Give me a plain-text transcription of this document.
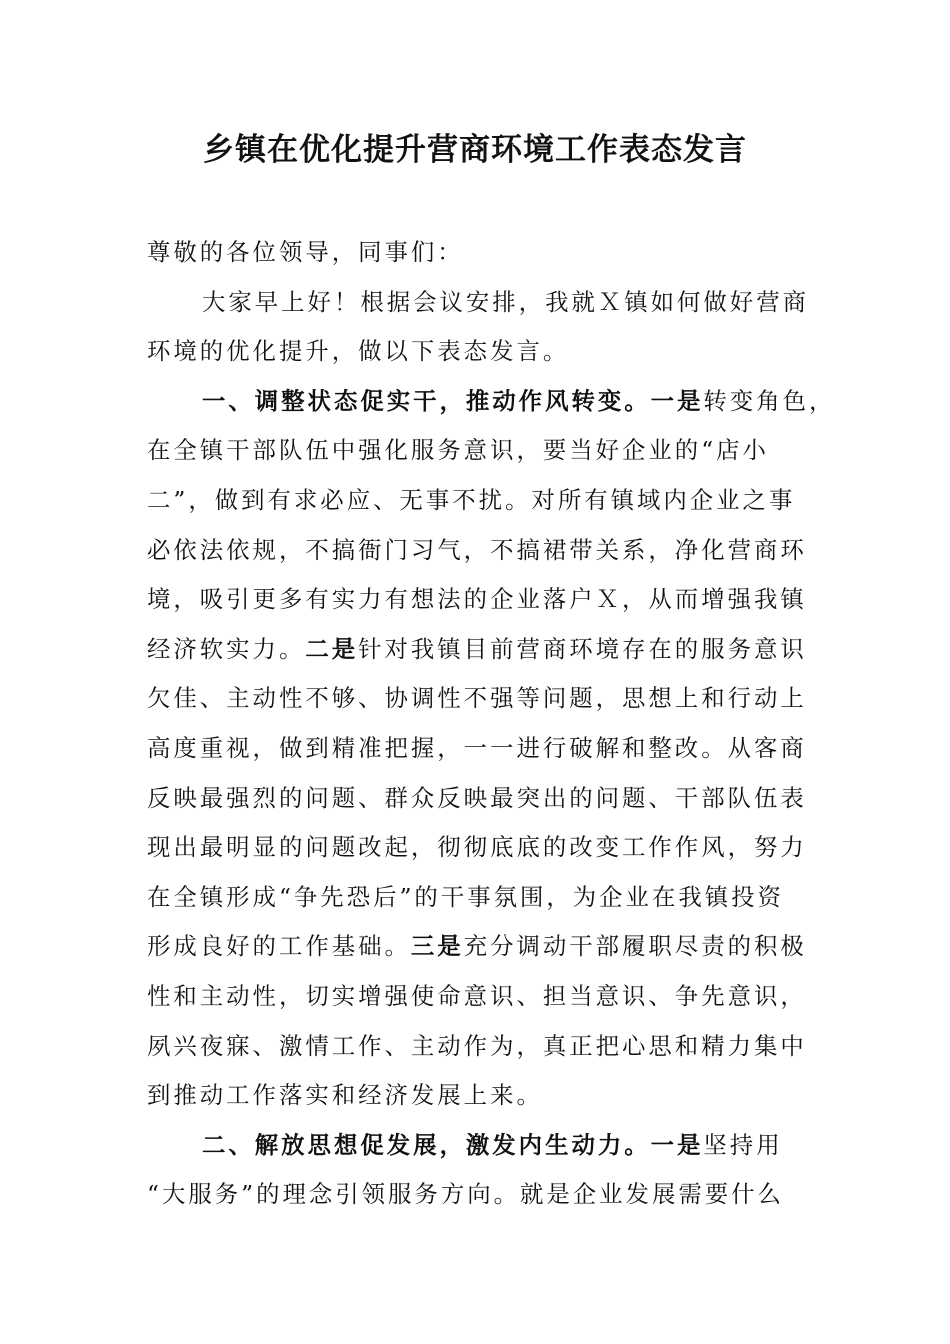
乡镇在优化提升营商环境工作表态发言
尊敬的各位领导，同事们：
大家早上好！根据会议安排，我就Ｘ镇如何做好营商
环境的优化提升，做以下表态发言。
一、调整状态促实干，推动作风转变。一是转变角色，
在全镇干部队伍中强化服务意识，要当好企业的“店小
二”，做到有求必应、无事不扰。对所有镇域内企业之事
必依法依规，不搞衙门习气，不搞裙带关系，净化营商环
境，吸引更多有实力有想法的企业落户Ｘ，从而增强我镇
经济软实力。二是针对我镇目前营商环境存在的服务意识
欠佳、主动性不够、协调性不强等问题，思想上和行动上
高度重视，做到精准把握，一一进行破解和整改。从客商
反映最强烈的问题、群众反映最突出的问题、干部队伍表
现出最明显的问题改起，彻彻底底的改变工作作风，努力
在全镇形成“争先恐后”的干事氛围，为企业在我镇投资
形成良好的工作基础。三是充分调动干部履职尽责的积极
性和主动性，切实增强使命意识、担当意识、争先意识，
夙兴夜寐、激情工作、主动作为，真正把心思和精力集中
到推动工作落实和经济发展上来。
二、解放思想促发展，激发内生动力。一是坚持用
“大服务”的理念引领服务方向。就是企业发展需要什么
